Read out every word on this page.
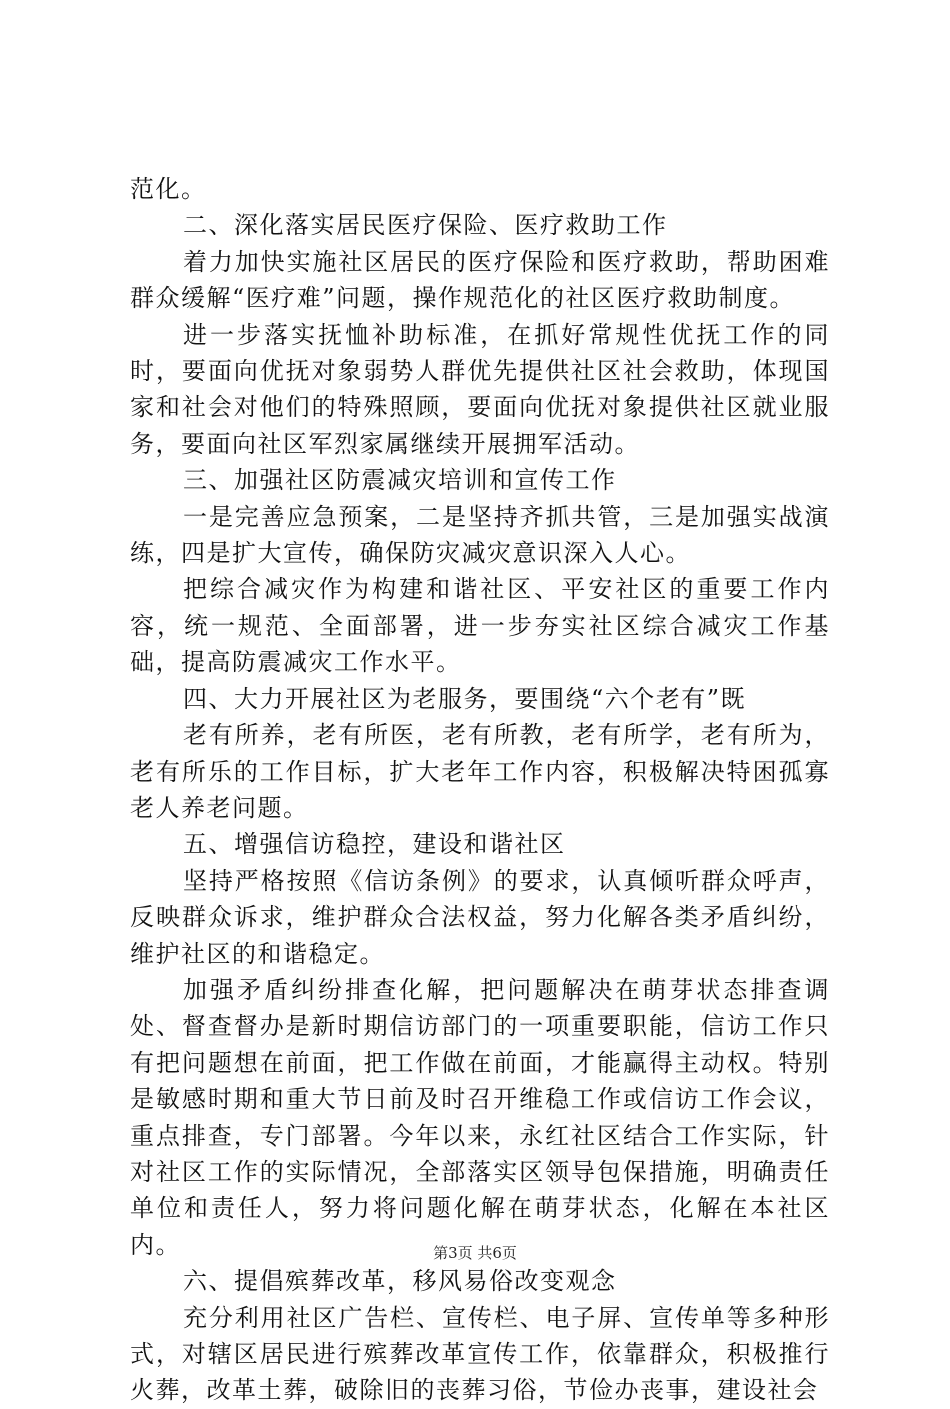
范化。

二、深化落实居民医疗保险、医疗救助工作

着力加快实施社区居民的医疗保险和医疗救助，帮助困难群众缓解“医疗难”问题，操作规范化的社区医疗救助制度。

进一步落实抚恤补助标准，在抓好常规性优抚工作的同时，要面向优抚对象弱势人群优先提供社区社会救助，体现国家和社会对他们的特殊照顾，要面向优抚对象提供社区就业服务，要面向社区军烈家属继续开展拥军活动。

三、加强社区防震减灾培训和宣传工作

一是完善应急预案，二是坚持齐抓共管，三是加强实战演练，四是扩大宣传，确保防灾减灾意识深入人心。

把综合减灾作为构建和谐社区、平安社区的重要工作内容，统一规范、全面部署，进一步夯实社区综合减灾工作基础，提高防震减灾工作水平。

四、大力开展社区为老服务，要围绕“六个老有”既

老有所养，老有所医，老有所教，老有所学，老有所为，老有所乐的工作目标，扩大老年工作内容，积极解决特困孤寡老人养老问题。

五、增强信访稳控，建设和谐社区

坚持严格按照《信访条例》的要求，认真倾听群众呼声，反映群众诉求，维护群众合法权益，努力化解各类矛盾纠纷，维护社区的和谐稳定。

加强矛盾纠纷排查化解，把问题解决在萌芽状态排查调处、督查督办是新时期信访部门的一项重要职能，信访工作只有把问题想在前面，把工作做在前面，才能赢得主动权。特别是敏感时期和重大节日前及时召开维稳工作或信访工作会议，重点排查，专门部署。今年以来，永红社区结合工作实际，针对社区工作的实际情况，全部落实区领导包保措施，明确责任单位和责任人，努力将问题化解在萌芽状态，化解在本社区内。

六、提倡殡葬改革，移风易俗改变观念

充分利用社区广告栏、宣传栏、电子屏、宣传单等多种形式，对辖区居民进行殡葬改革宣传工作，依靠群众，积极推行火葬，改革土葬，破除旧的丧葬习俗，节俭办丧事，建设社会

第3页 共6页
